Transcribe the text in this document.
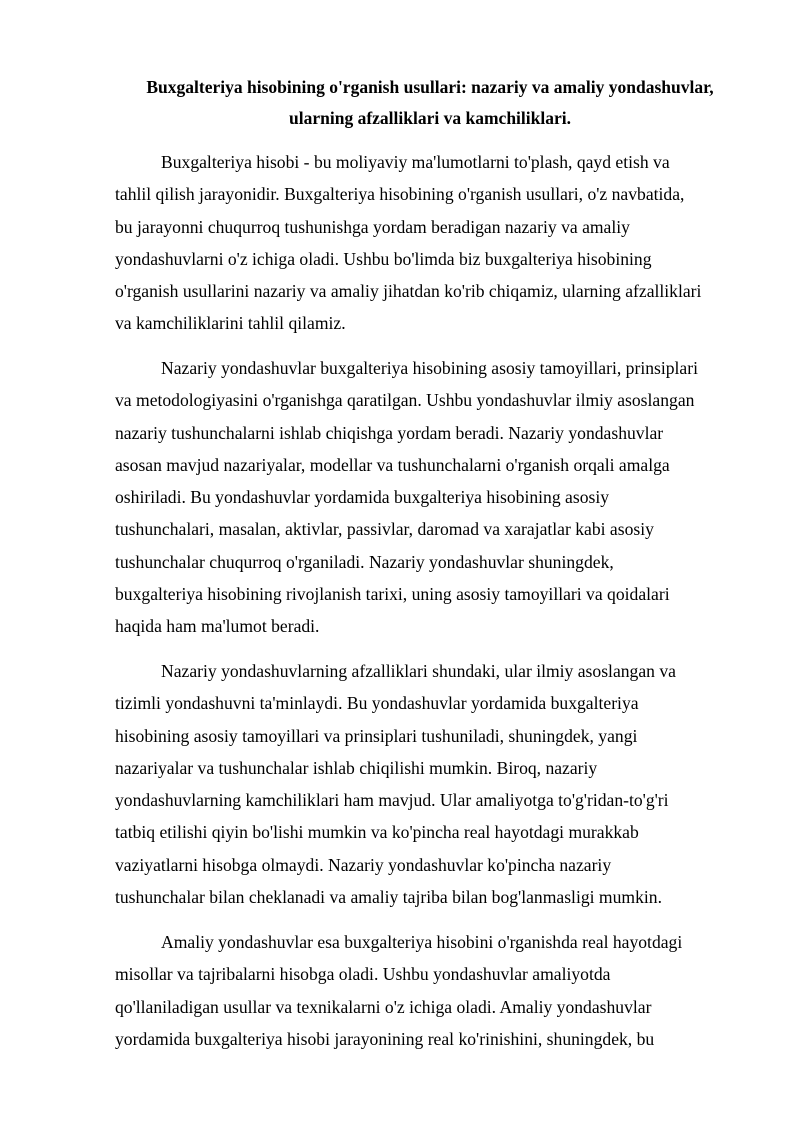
Buxgalteriya hisobining o'rganish usullari: nazariy va amaliy yondashuvlar,
ularning afzalliklari va kamchiliklari.

Buxgalteriya hisobi - bu moliyaviy ma'lumotlarni to'plash, qayd etish va
tahlil qilish jarayonidir. Buxgalteriya hisobining o'rganish usullari, o'z navbatida,
bu jarayonni chuqurroq tushunishga yordam beradigan nazariy va amaliy
yondashuvlarni o'z ichiga oladi. Ushbu bo'limda biz buxgalteriya hisobining
o'rganish usullarini nazariy va amaliy jihatdan ko'rib chiqamiz, ularning afzalliklari
va kamchiliklarini tahlil qilamiz.

Nazariy yondashuvlar buxgalteriya hisobining asosiy tamoyillari, prinsiplari
va metodologiyasini o'rganishga qaratilgan. Ushbu yondashuvlar ilmiy asoslangan
nazariy tushunchalarni ishlab chiqishga yordam beradi. Nazariy yondashuvlar
asosan mavjud nazariyalar, modellar va tushunchalarni o'rganish orqali amalga
oshiriladi. Bu yondashuvlar yordamida buxgalteriya hisobining asosiy
tushunchalari, masalan, aktivlar, passivlar, daromad va xarajatlar kabi asosiy
tushunchalar chuqurroq o'rganiladi. Nazariy yondashuvlar shuningdek,
buxgalteriya hisobining rivojlanish tarixi, uning asosiy tamoyillari va qoidalari
haqida ham ma'lumot beradi.

Nazariy yondashuvlarning afzalliklari shundaki, ular ilmiy asoslangan va
tizimli yondashuvni ta'minlaydi. Bu yondashuvlar yordamida buxgalteriya
hisobining asosiy tamoyillari va prinsiplari tushuniladi, shuningdek, yangi
nazariyalar va tushunchalar ishlab chiqilishi mumkin. Biroq, nazariy
yondashuvlarning kamchiliklari ham mavjud. Ular amaliyotga to'g'ridan-to'g'ri
tatbiq etilishi qiyin bo'lishi mumkin va ko'pincha real hayotdagi murakkab
vaziyatlarni hisobga olmaydi. Nazariy yondashuvlar ko'pincha nazariy
tushunchalar bilan cheklanadi va amaliy tajriba bilan bog'lanmasligi mumkin.

Amaliy yondashuvlar esa buxgalteriya hisobini o'rganishda real hayotdagi
misollar va tajribalarni hisobga oladi. Ushbu yondashuvlar amaliyotda
qo'llaniladigan usullar va texnikalarni o'z ichiga oladi. Amaliy yondashuvlar
yordamida buxgalteriya hisobi jarayonining real ko'rinishini, shuningdek, bu
